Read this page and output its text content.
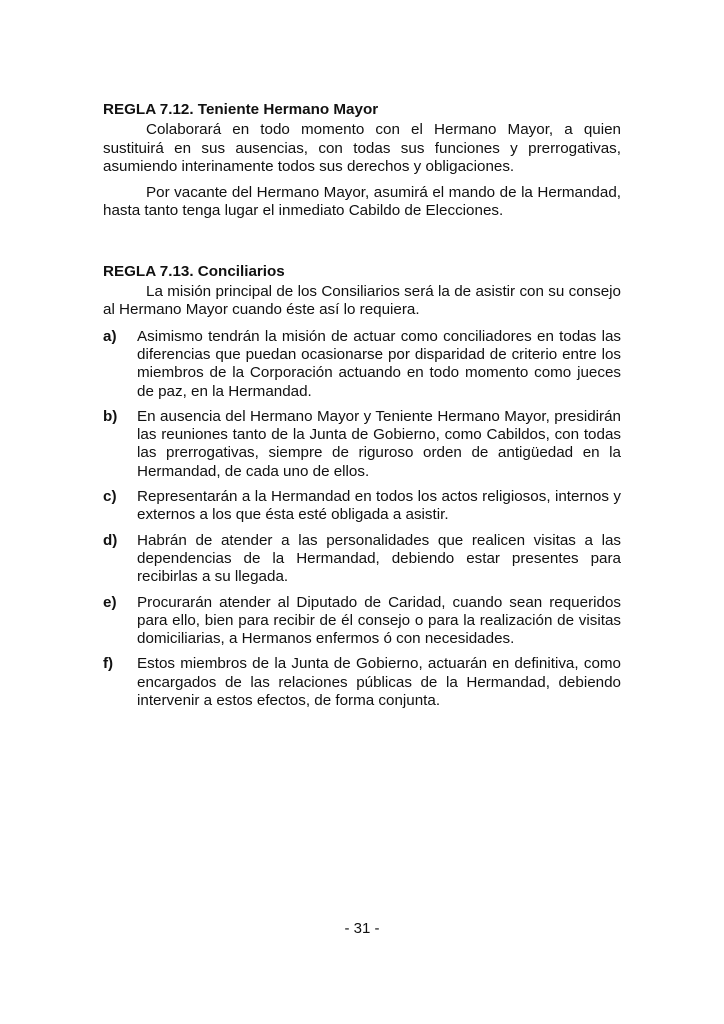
REGLA 7.12. Teniente Hermano Mayor

Colaborará en todo momento con el Hermano Mayor, a quien sustituirá en sus ausencias, con todas sus funciones y prerrogativas, asumiendo interinamente todos sus derechos y obligaciones.

Por vacante del Hermano Mayor, asumirá el mando de la Hermandad, hasta tanto tenga lugar el inmediato Cabildo de Elecciones.

REGLA 7.13. Conciliarios

La misión principal de los Consiliarios será la de asistir con su consejo al Hermano Mayor cuando éste así lo requiera.

a)	Asimismo tendrán la misión de actuar como conciliadores en todas las diferencias que puedan ocasionarse por disparidad de criterio entre los miembros de la Corporación actuando en todo momento como jueces de paz, en la Hermandad.
b)	En ausencia del Hermano Mayor y Teniente Hermano Mayor, presidirán las reuniones tanto de la Junta de Gobierno, como Cabildos, con todas las prerrogativas, siempre de riguroso orden de antigüedad en la Hermandad, de cada uno de ellos.
c)	Representarán a la Hermandad en todos los actos religiosos, internos y externos a los que ésta esté obligada a asistir.
d)	Habrán de atender a las personalidades que realicen visitas a las dependencias de la Hermandad, debiendo estar presentes para recibirlas a su llegada.
e)	Procurarán atender al Diputado de Caridad, cuando sean requeridos para ello, bien para recibir de él consejo o para la realización de visitas domiciliarias, a Hermanos enfermos ó con necesidades.
f)	Estos miembros de la Junta de Gobierno, actuarán en definitiva, como encargados de las relaciones públicas de la Hermandad, debiendo intervenir a estos efectos, de forma conjunta.
- 31 -
